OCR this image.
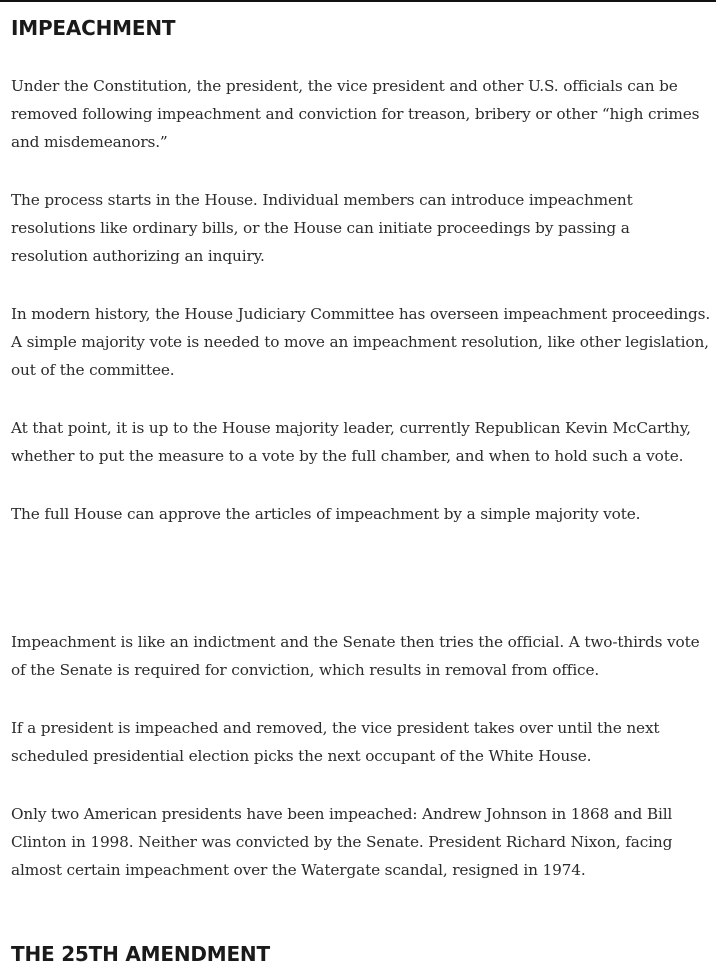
IMPEACHMENT

Under the Constitution, the president, the vice president and other U.S. officials can be removed following impeachment and conviction for treason, bribery or other “high crimes and misdemeanors.”

The process starts in the House. Individual members can introduce impeachment resolutions like ordinary bills, or the House can initiate proceedings by passing a resolution authorizing an inquiry.

In modern history, the House Judiciary Committee has overseen impeachment proceedings. A simple majority vote is needed to move an impeachment resolution, like other legislation, out of the committee.

At that point, it is up to the House majority leader, currently Republican Kevin McCarthy, whether to put the measure to a vote by the full chamber, and when to hold such a vote.

The full House can approve the articles of impeachment by a simple majority vote.

Impeachment is like an indictment and the Senate then tries the official. A two-thirds vote of the Senate is required for conviction, which results in removal from office.

If a president is impeached and removed, the vice president takes over until the next scheduled presidential election picks the next occupant of the White House.

Only two American presidents have been impeached: Andrew Johnson in 1868 and Bill Clinton in 1998. Neither was convicted by the Senate. President Richard Nixon, facing almost certain impeachment over the Watergate scandal, resigned in 1974.

THE 25TH AMENDMENT
